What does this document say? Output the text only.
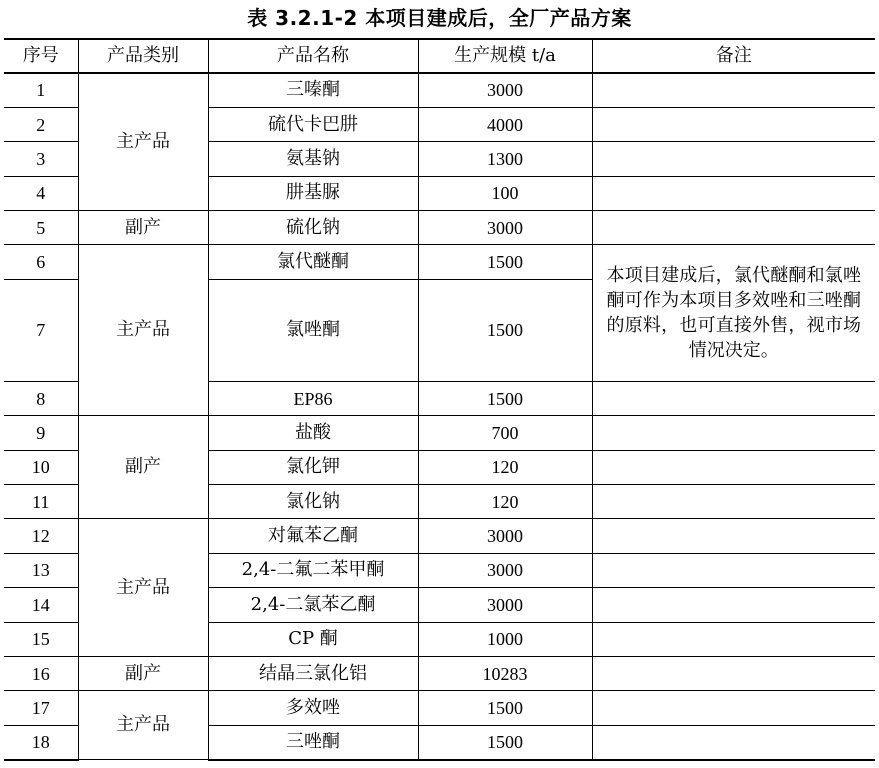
表 3.2.1-2 本项目建成后，全厂产品方案
序号	产品类别	产品名称	生产规模 t/a	备注
1	主产品	三嗪酮	3000	
2		硫代卡巴肼	4000	
3		氨基钠	1300	
4		肼基脲	100	
5	副产	硫化钠	3000	
6	主产品	氯代醚酮	1500	本项目建成后，氯代醚酮和氯唑酮可作为本项目多效唑和三唑酮的原料，也可直接外售，视市场情况决定。

7		氯唑酮	1500	
8		EP86	1500	
9	副产	盐酸	700	
10		氯化钾	120	
11		氯化钠	120	
12	主产品	对氟苯乙酮	3000	
13		2,4-二氟二苯甲酮	3000	
14		2,4-二氯苯乙酮	3000	
15		CP 酮	1000	
16	副产	结晶三氯化铝	10283	
17	主产品	多效唑	1500	
18		三唑酮	1500	
